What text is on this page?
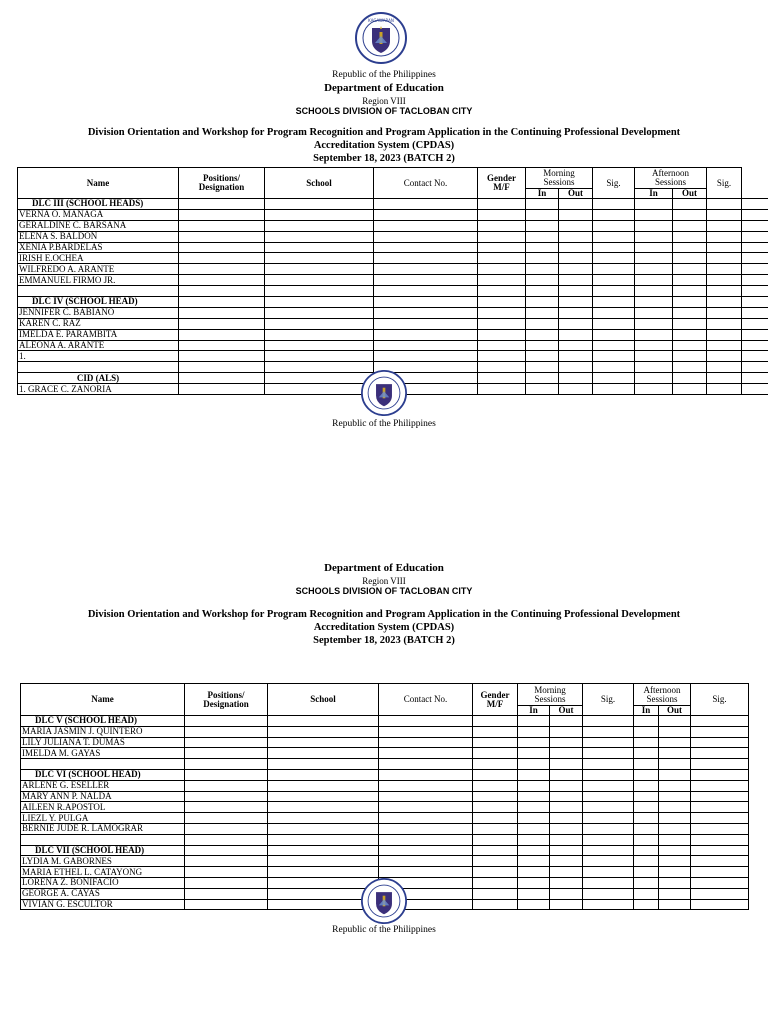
KAGAWARAN
Republic of the Philippines
Department of Education
Region VIII
SCHOOLS DIVISION OF TACLOBAN CITY
Division Orientation and Workshop for Program Recognition and Program Application in the Continuing Professional Development
Accreditation System (CPDAS)
September 18, 2023 (BATCH 2)
Name	Positions/ Designation	School	Contact No.	Gender M/F	Morning Sessions		Sig.	Afternoon Sessions		Sig.	
					In	Out		In	Out		
DLC III (SCHOOL HEADS)											
VERNA O. MANAGA											
GERALDINE C. BARSANA											
ELENA S. BALDON											
XENIA P.BARDELAS											
IRISH E.OCHEA											
WILFREDO A. ARANTE											
EMMANUEL FIRMO JR.											

DLC IV (SCHOOL HEAD)											
JENNIFER C. BABIANO											
KAREN C. RAZ											
IMELDA E. PARAMBITA											
ALEONA A. ARANTE											
1.											

CID (ALS)											
1. GRACE C. ZANORIA											
Republic of the Philippines
Department of Education
Region VIII
SCHOOLS DIVISION OF TACLOBAN CITY
Division Orientation and Workshop for Program Recognition and Program Application in the Continuing Professional Development
Accreditation System (CPDAS)
September 18, 2023 (BATCH 2)
Name	Positions/ Designation	School	Contact No.	Gender M/F	Morning Sessions		Sig.	Afternoon Sessions		Sig.
					In	Out		In	Out	
DLC V (SCHOOL HEAD)										
MARIA JASMIN J. QUINTERO										
LILY JULIANA T. DUMAS										
IMELDA M. GAYAS										

DLC VI (SCHOOL HEAD)										
ARLENE G. ESELLER										
MARY ANN P. NALDA										
AILEEN R.APOSTOL										
LIEZL Y. PULGA										
BERNIE JUDE R. LAMOGRAR										

DLC VII (SCHOOL HEAD)										
LYDIA M. GABORNES										
MARIA ETHEL L. CATAYONG										
LORENA Z. BONIFACIO										
GEORGE A. CAYAS										
VIVIAN G. ESCULTOR										
Republic of the Philippines
